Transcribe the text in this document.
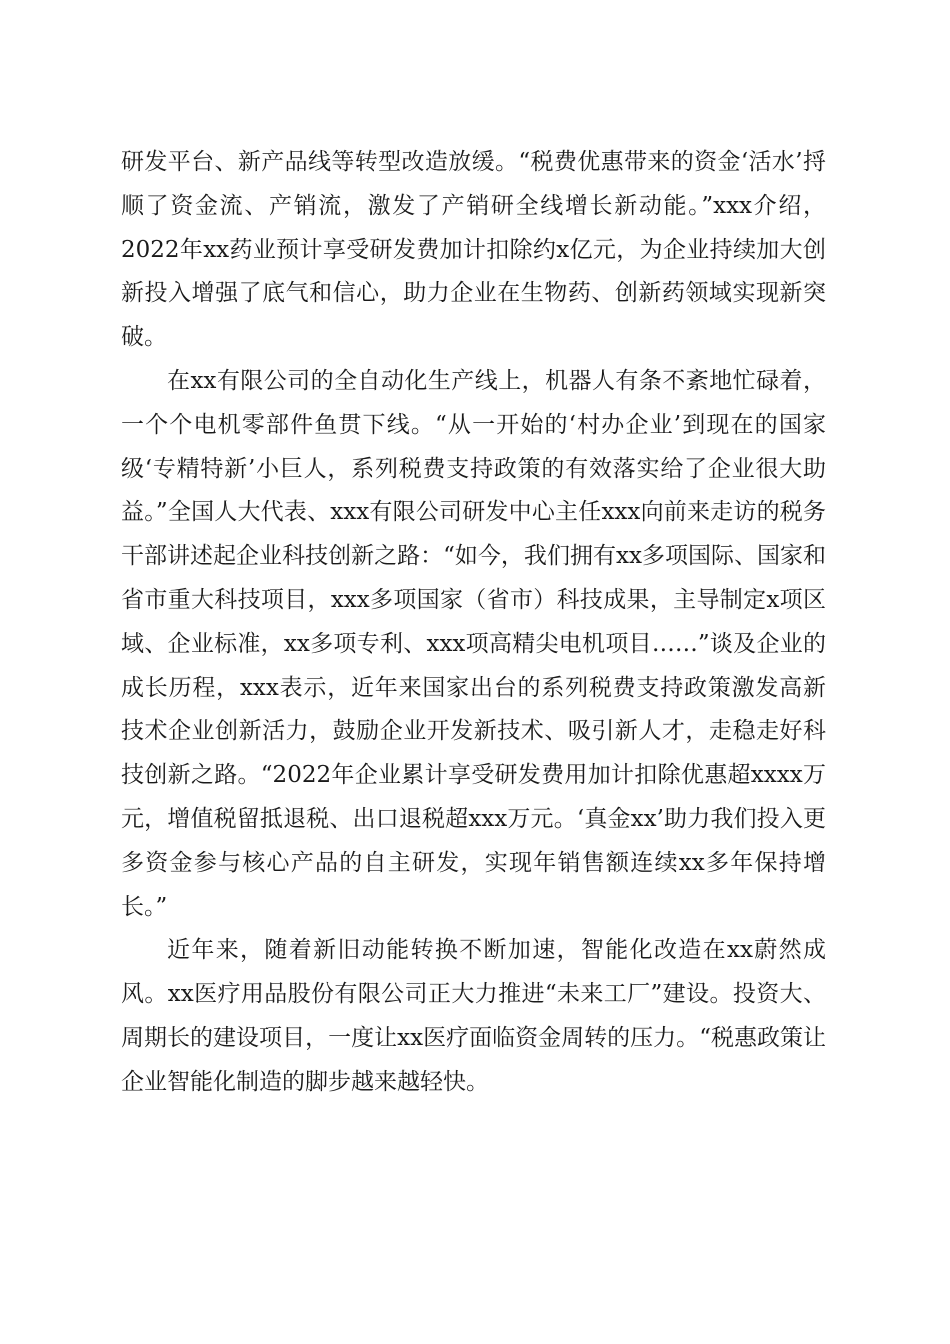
研发平台、新产品线等转型改造放缓。“税费优惠带来的资金‘活水’捋顺了资金流、产销流，激发了产销研全线增长新动能。”xxx介绍，2022年xx药业预计享受研发费加计扣除约x亿元，为企业持续加大创新投入增强了底气和信心，助力企业在生物药、创新药领域实现新突破。

在xx有限公司的全自动化生产线上，机器人有条不紊地忙碌着，一个个电机零部件鱼贯下线。“从一开始的‘村办企业’到现在的国家级‘专精特新’小巨人，系列税费支持政策的有效落实给了企业很大助益。”全国人大代表、xxx有限公司研发中心主任xxx向前来走访的税务干部讲述起企业科技创新之路：“如今，我们拥有xx多项国际、国家和省市重大科技项目，xxx多项国家（省市）科技成果，主导制定x项区域、企业标准，xx多项专利、xxx项高精尖电机项目……”谈及企业的成长历程，xxx表示，近年来国家出台的系列税费支持政策激发高新技术企业创新活力，鼓励企业开发新技术、吸引新人才，走稳走好科技创新之路。“2022年企业累计享受研发费用加计扣除优惠超xxxx万元，增值税留抵退税、出口退税超xxx万元。‘真金xx’助力我们投入更多资金参与核心产品的自主研发，实现年销售额连续xx多年保持增长。”

近年来，随着新旧动能转换不断加速，智能化改造在xx蔚然成风。xx医疗用品股份有限公司正大力推进“未来工厂”建设。投资大、周期长的建设项目，一度让xx医疗面临资金周转的压力。“税惠政策让企业智能化制造的脚步越来越轻快。
